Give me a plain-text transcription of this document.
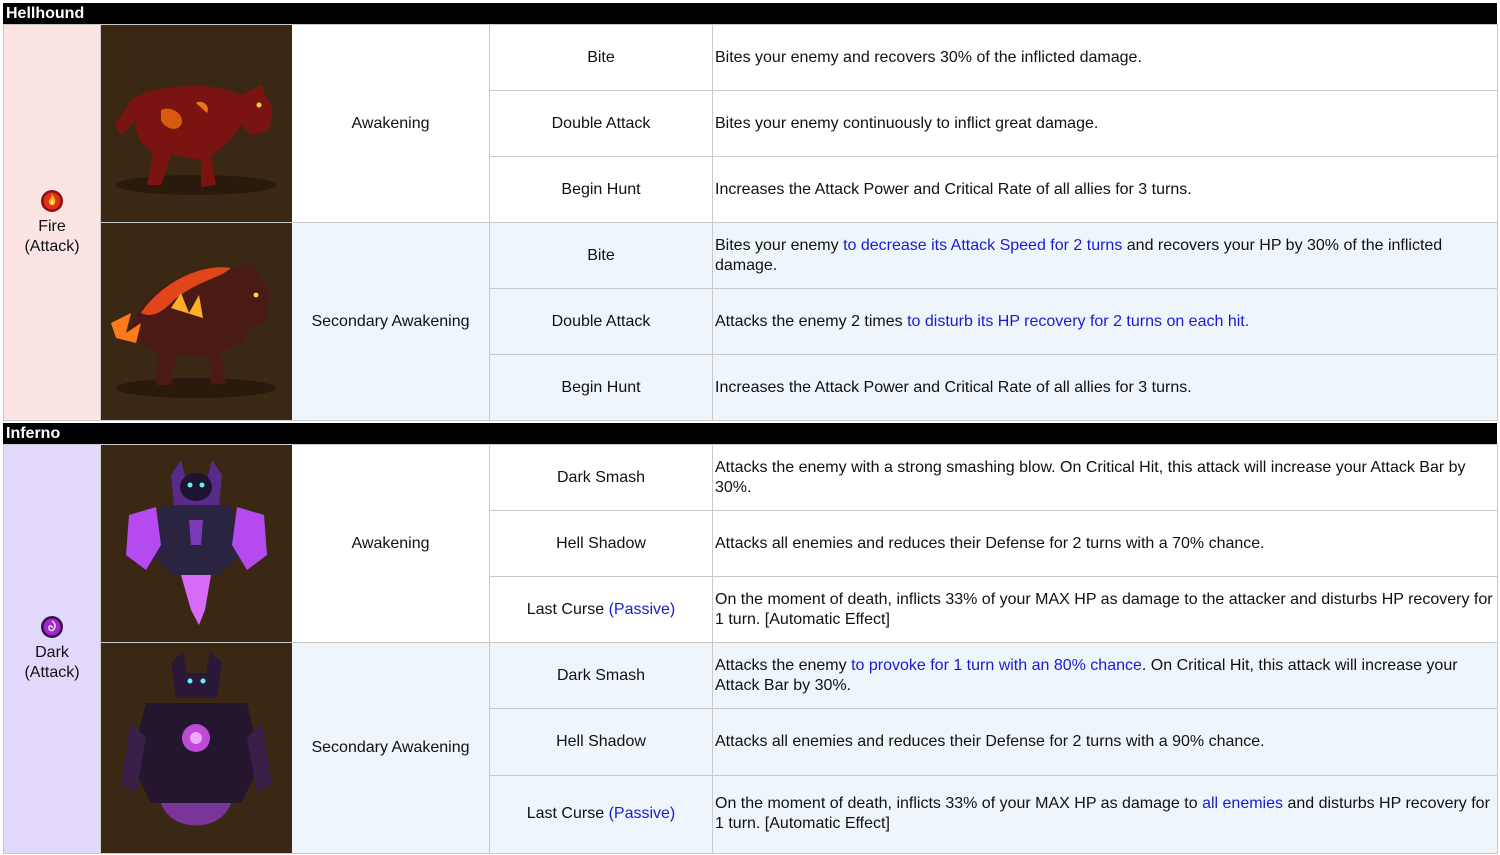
Hellhound
Fire
(Attack)		Awakening	Bite	Bites your enemy and recovers 30% of the inflicted damage.
			Double Attack	Bites your enemy continuously to inflict great damage.
			Begin Hunt	Increases the Attack Power and Critical Rate of all allies for 3 turns.

	Secondary Awakening	Bite	Bites your enemy to decrease its Attack Speed for 2 turns and recovers your HP by 30% of the inflicted damage.
			Double Attack	Attacks the enemy 2 times to disturb its HP recovery for 2 turns on each hit.
			Begin Hunt	Increases the Attack Power and Critical Rate of all allies for 3 turns.
Inferno
Dark
(Attack)		Awakening	Dark Smash	Attacks the enemy with a strong smashing blow. On Critical Hit, this attack will increase your Attack Bar by 30%.
			Hell Shadow	Attacks all enemies and reduces their Defense for 2 turns with a 70% chance.
			Last Curse (Passive)	On the moment of death, inflicts 33% of your MAX HP as damage to the attacker and disturbs HP recovery for 1 turn. [Automatic Effect]

	Secondary Awakening	Dark Smash	Attacks the enemy to provoke for 1 turn with an 80% chance. On Critical Hit, this attack will increase your Attack Bar by 30%.
			Hell Shadow	Attacks all enemies and reduces their Defense for 2 turns with a 90% chance.
			Last Curse (Passive)	On the moment of death, inflicts 33% of your MAX HP as damage to all enemies and disturbs HP recovery for 1 turn. [Automatic Effect]
